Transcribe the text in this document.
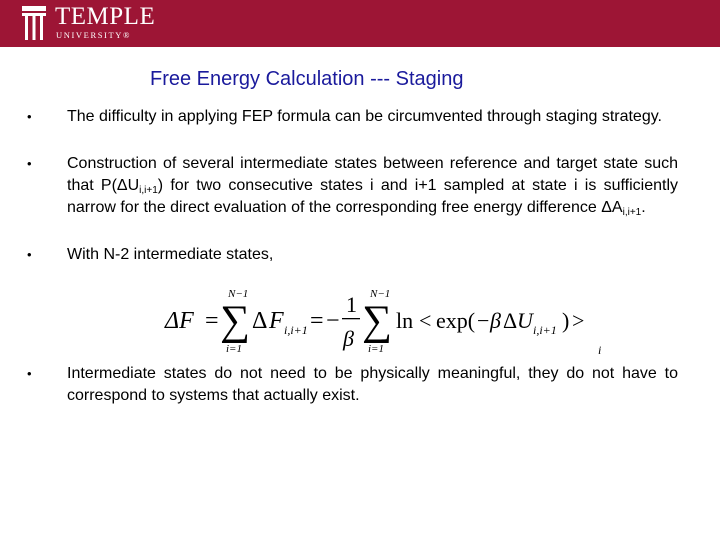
TEMPLE
UNIVERSITY®
Free Energy Calculation --- Staging
• The difficulty in applying FEP formula can be circumvented through staging strategy.
• Construction of several intermediate states between reference and target state such that $P(\Delta U_{i,i+1})$ for two consecutive states i and i+1 sampled at state i is sufficiently narrow for the direct evaluation of the corresponding free energy difference $\Delta A_{i,i+1}$.
• With N-2 intermediate states,
• Intermediate states do not need to be physically meaningful, they do not have to correspond to systems that actually exist.
ΔF =
N−1
∑
i=1
Δ F i,i+1 = −
1
β
N−1
∑
i=1
ln < exp( − β Δ U i,i+1 ) >
i
